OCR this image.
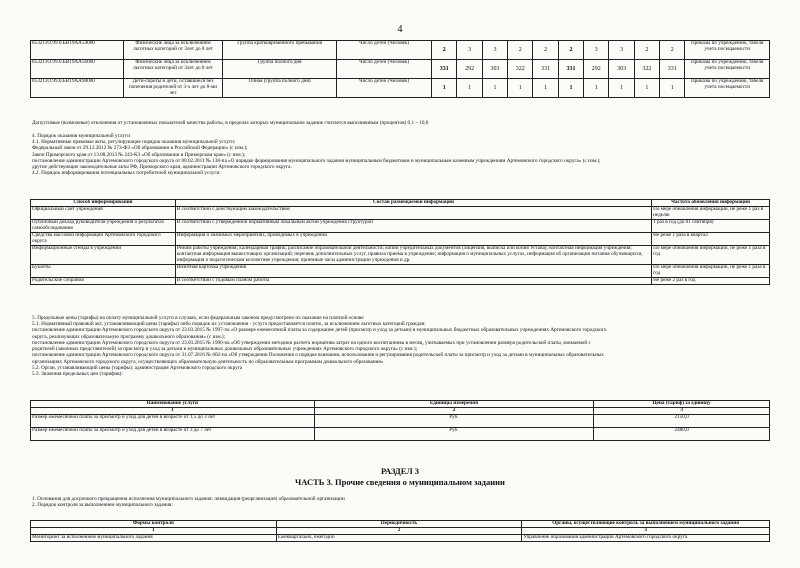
4
853211О.99.0.БВ19АА54000	Физические лица за исключением льготных категорий от 3лет до 8 лет	Группа кратковременного пребывания	Число детей (Человек)	2	3	3	2	2	2	3	3	2	2	Приказы по учреждению, табеля учета посещаемости
853211О.99.0.БВ19АА56000	Физические лица за исключением льготных категорий от 3лет до 8 лет	Группа полного дня	Число детей (Человек)	331	292	303	322	331	331	292	303	322	331	Приказы по учреждению, табеля учета посещаемости
853211О.99.0.БВ19АА98000	Дети-сироты и дети, оставшиеся без попечения родителей от 3-х лет до 8-ми лет	Очная (группа полного дня)	Число детей (Человек)	1	1	1	1	1	1	1	1	1	1	Приказы по учреждению, табеля учета посещаемости
Допустимые (возможные) отклонения от установленных показателей качества работы, в пределах которых муниципальное задание считается выполненным (процентов) 0,1 – 10,0
4. Порядок оказания муниципальной услуги
4.1. Нормативные правовые акты, регулирующие порядок оказания муниципальной услуги:
Федеральный закон от 29.12.2012 № 273-ФЗ «Об образовании в Российской Федерации» (с изм.);
Закон Приморского края от 13.08.2013 № 243-КЗ «Об образовании в Приморском крае» (с изм.);
постановление администрации Артемовского городского округа от 08.02.2011 № 138-па «О порядке формирования муниципального задания муниципальным бюджетным и муниципальным казенным учреждениям Артемовского городского округа» (с изм.);
другие действующие законодательные акты РФ, Приморского края, администрации Артемовского городского округа.
4.2. Порядок информирования потенциальных потребителей муниципальной услуги:
Способ информирования	Состав размещаемой информации	Частота обновления информации
Официальный сайт учреждения	В соответствии с действующим законодательством	По мере обновления информации, не реже 1 раз в неделю
Публичный доклад руководителя учреждения о результатах самообследования	В соответствии с утвержденной нормативным локальным актом учреждения структурой	1 раз в год (до 01 сентября)
Средства массовой информации Артемовского городского округа	Информация о значимых мероприятиях, проводимых в учреждении	Не реже 1 раза в квартал
Информационные стенды в учреждении	Режим работы учреждения; календарный график; расписание образовательной деятельности; копии учредительных документов (лицензия, выписка или копия Устава); контактная информация учреждения; контактная информация вышестоящих организаций; перечень дополнительных услуг, правила приема в учреждение; информация о муниципальных услугах, информация об организации питания обучающихся, информация о педагогическом коллективе учреждения; приемные часы администрации учреждения и др.	По мере обновления информации, не реже 1 раза в год
Буклеты	Визитная карточка учреждения	По мере обновления информации, не реже 1 раза в год
Родительские собрания	В соответствии с годовым планом работы	Не реже 2 раз в год
5. Предельные цены (тарифы) на оплату муниципальной услуги в случаях, если федеральным законом предусмотрено их оказание на платной основе
5.1. Нормативный правовой акт, устанавливающий цены (тарифы) либо порядок их установления - услуга предоставляется платно, за исключением льготных категорий граждан:
постановление администрации Артемовского городского округа от 23.03.2015 № 1997-па «О размере ежемесячной платы за содержание детей (присмотр и уход за детьми) в муниципальных бюджетных образовательных учреждениях Артемовского городского
округа, реализующих образовательную программу дошкольного образования» (с изм.);
постановление администрации Артемовского городского округа от 23.03.2015 № 1996-па «Об утверждении методики расчета норматива затрат на одного воспитанника в месяц, учитываемых при установлении размера родительской платы, взимаемой с
родителей (законных представителей) за присмотр и уход за детьми в муниципальных дошкольных образовательных учреждениях Артемовского городского округа» (с изм.);
постановление администрации Артемовского городского округа от 31.07.2016 № 602-па «Об утверждении Положения о порядке взимания, использования и регулирования родительской платы за присмотр и уход за детьми в муниципальных образовательных
организациях Артемовского городского округа, осуществляющих образовательную деятельность по образовательным программам дошкольного образования»
5.2. Орган, устанавливающий цены (тарифы): администрация Артемовского городского округа
5.3. Значения предельных цен (тарифов):
Наименование услуги	Единицы измерения	Цена (тариф) за единицу
1	2	3
Размер ежемесячной платы за присмотр и уход для детей в возрасте от 1,5 до 3 лет	Руб.	2150,0
Размер ежемесячной платы за присмотр и уход для детей в возрасте от 3 до 7 лет	Руб.	2480,0
РАЗДЕЛ 3
ЧАСТЬ 3. Прочие сведения о муниципальном задании
1. Основания для досрочного прекращения исполнения муниципального задания: ликвидация (реорганизация) образовательной организации
2. Порядок контроля за выполнением муниципального задания:
Формы контроля	Периодичность	Органы, осуществляющие контроль за выполнением муниципального задания
1	2	3
Мониторинг за исполнением муниципального задания	Ежеквартально, ежегодно	Управление образования администрации Артемовского городского округа
